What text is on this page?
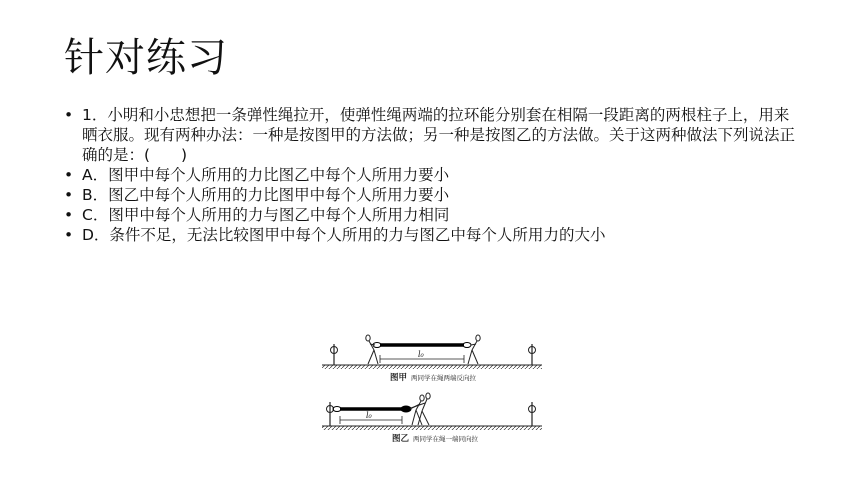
针对练习
• 1．小明和小忠想把一条弹性绳拉开，使弹性绳两端的拉环能分别套在相隔一段距离的两根柱子上，用来晒衣服。现有两种办法：一种是按图甲的方法做；另一种是按图乙的方法做。关于这两种做法下列说法正确的是：(　　)
• A．图甲中每个人所用的力比图乙中每个人所用力要小
• B．图乙中每个人所用的力比图甲中每个人所用力要小
• C．图甲中每个人所用的力与图乙中每个人所用力相同
• D．条件不足，无法比较图甲中每个人所用的力与图乙中每个人所用力的大小
l₀
l₀
图甲 两同学在绳两端反向拉
图乙 两同学在绳一端同向拉
